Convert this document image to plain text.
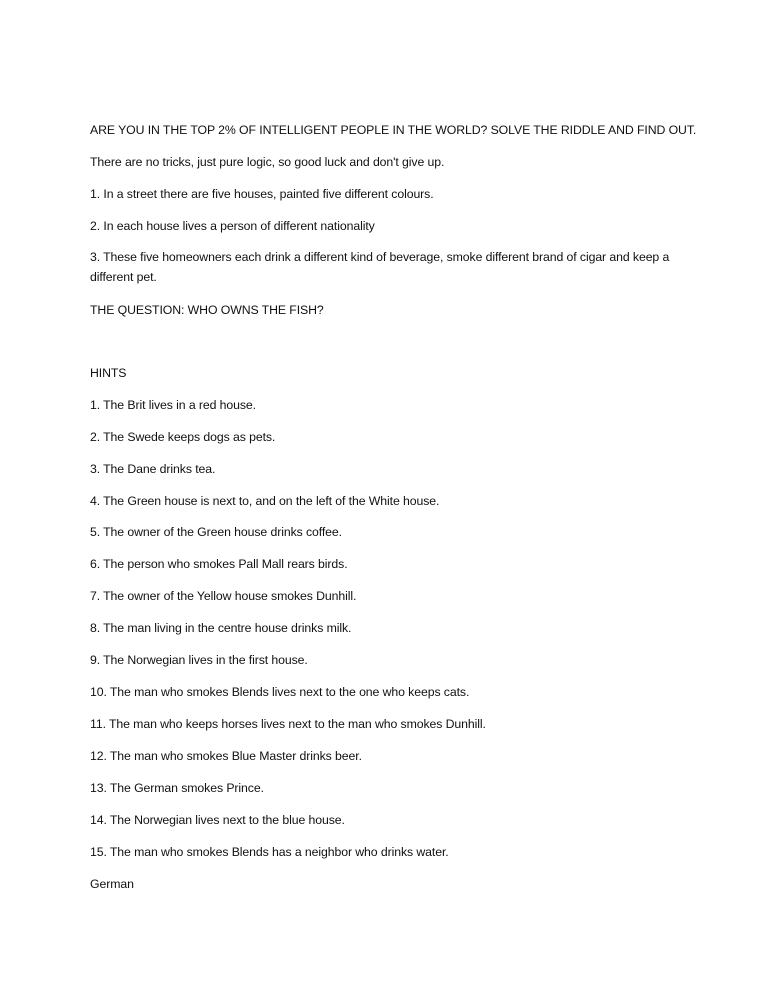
ARE YOU IN THE TOP 2% OF INTELLIGENT PEOPLE IN THE WORLD? SOLVE THE RIDDLE AND FIND OUT.
There are no tricks, just pure logic, so good luck and don't give up.
1. In a street there are five houses, painted five different colours.
2. In each house lives a person of different nationality
3. These five homeowners each drink a different kind of beverage, smoke different brand of cigar and keep a different pet.
THE QUESTION: WHO OWNS THE FISH?
HINTS
1. The Brit lives in a red house.
2. The Swede keeps dogs as pets.
3. The Dane drinks tea.
4. The Green house is next to, and on the left of the White house.
5. The owner of the Green house drinks coffee.
6. The person who smokes Pall Mall rears birds.
7. The owner of the Yellow house smokes Dunhill.
8. The man living in the centre house drinks milk.
9. The Norwegian lives in the first house.
10. The man who smokes Blends lives next to the one who keeps cats.
11. The man who keeps horses lives next to the man who smokes Dunhill.
12. The man who smokes Blue Master drinks beer.
13. The German smokes Prince.
14. The Norwegian lives next to the blue house.
15. The man who smokes Blends has a neighbor who drinks water.
German
